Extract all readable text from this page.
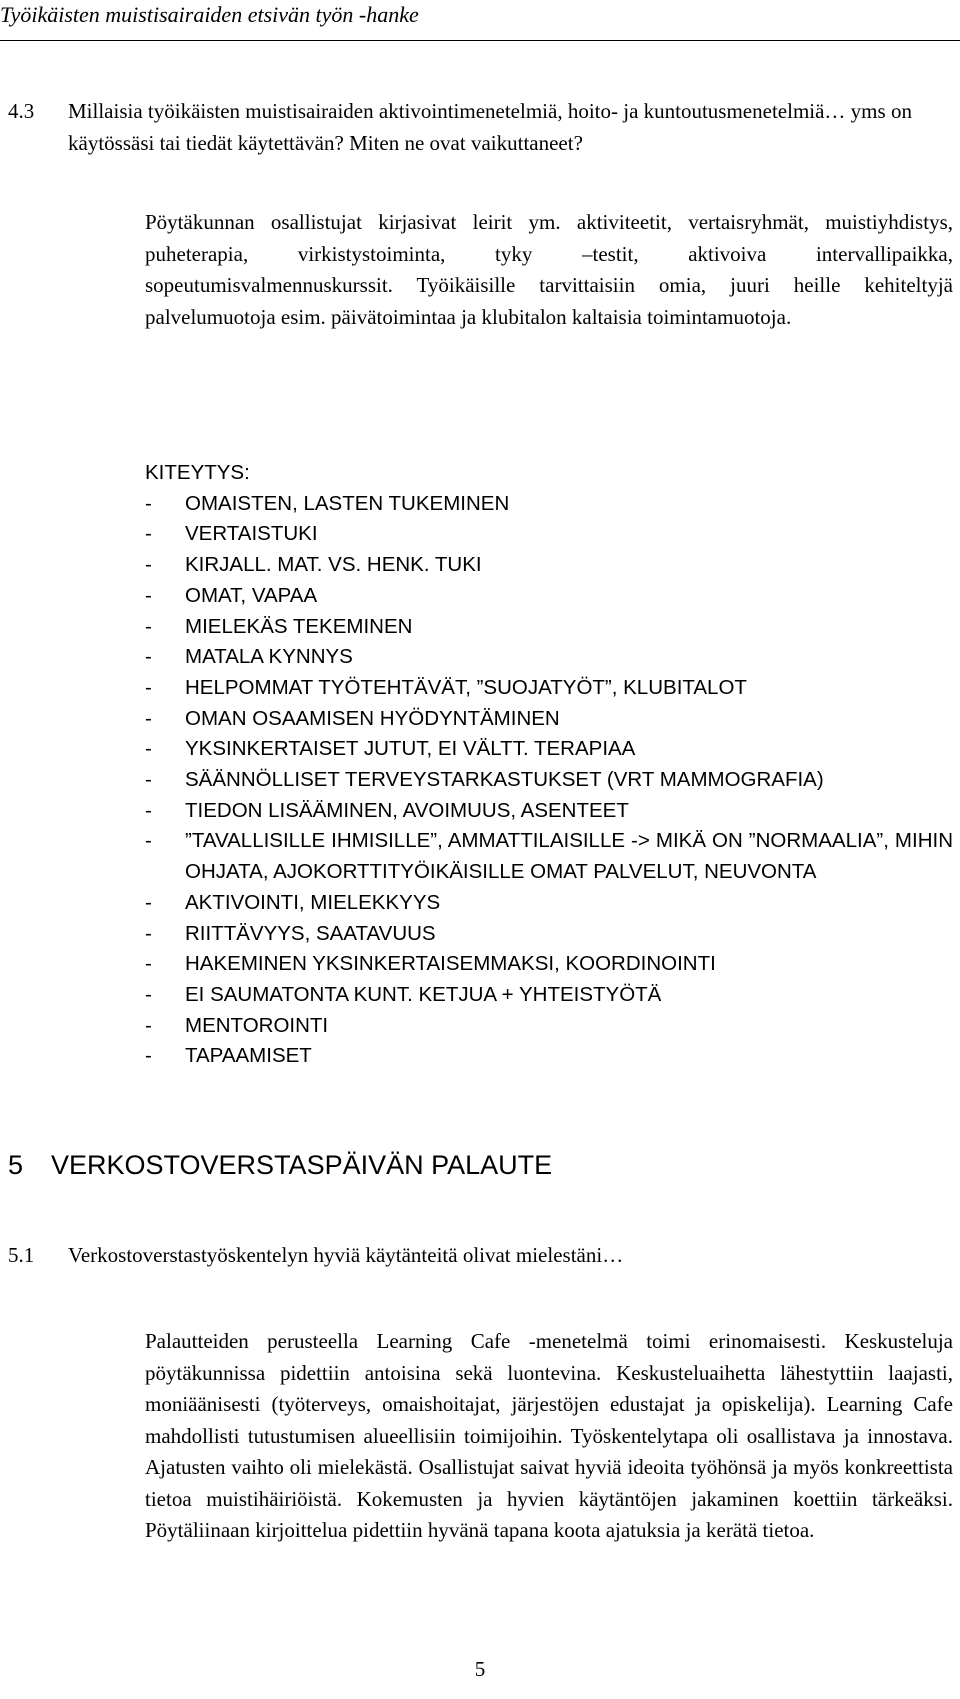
Työikäisten muistisairaiden etsivän työn -hanke
4.3 Millaisia työikäisten muistisairaiden aktivointimenetelmiä, hoito- ja kuntoutusmenetelmiä… yms on käytössäsi tai tiedät käytettävän? Miten ne ovat vaikuttaneet?

Pöytäkunnan osallistujat kirjasivat leirit ym. aktiviteetit, vertaisryhmät, muistiyhdistys, puheterapia, virkistystoiminta, tyky –testit, aktivoiva intervallipaikka, sopeutumisvalmennuskurssit. Työikäisille tarvittaisiin omia, juuri heille kehiteltyjä palvelumuotoja esim. päivätoimintaa ja klubitalon kaltaisia toimintamuotoja.

KITEYTYS:
- OMAISTEN, LASTEN TUKEMINEN
- VERTAISTUKI
- KIRJALL. MAT. VS. HENK. TUKI
- OMAT, VAPAA
- MIELEKÄS TEKEMINEN
- MATALA KYNNYS
- HELPOMMAT TYÖTEHTÄVÄT, ”SUOJATYÖT”, KLUBITALOT
- OMAN OSAAMISEN HYÖDYNTÄMINEN
- YKSINKERTAISET JUTUT, EI VÄLTT. TERAPIAA
- SÄÄNNÖLLISET TERVEYSTARKASTUKSET (VRT MAMMOGRAFIA)
- TIEDON LISÄÄMINEN, AVOIMUUS, ASENTEET
- ”TAVALLISILLE IHMISILLE”, AMMATTILAISILLE -> MIKÄ ON ”NORMAALIA”, MIHIN OHJATA, AJOKORTTITYÖIKÄISILLE OMAT PALVELUT, NEUVONTA
- AKTIVOINTI, MIELEKKYYS
- RIITTÄVYYS, SAATAVUUS
- HAKEMINEN YKSINKERTAISEMMAKSI, KOORDINOINTI
- EI SAUMATONTA KUNT. KETJUA + YHTEISTYÖTÄ
- MENTOROINTI
- TAPAAMISET
5 VERKOSTOVERSTASPÄIVÄN PALAUTE
5.1 Verkostoverstastyöskentelyn hyviä käytänteitä olivat mielestäni…

Palautteiden perusteella Learning Cafe -menetelmä toimi erinomaisesti. Keskusteluja pöytäkunnissa pidettiin antoisina sekä luontevina. Keskusteluaihetta lähestyttiin laajasti, moniäänisesti (työterveys, omaishoitajat, järjestöjen edustajat ja opiskelija). Learning Cafe mahdollisti tutustumisen alueellisiin toimijoihin. Työskentelytapa oli osallistava ja innostava. Ajatusten vaihto oli mielekästä. Osallistujat saivat hyviä ideoita työhönsä ja myös konkreettista tietoa muistihäiriöistä. Kokemusten ja hyvien käytäntöjen jakaminen koettiin tärkeäksi. Pöytäliinaan kirjoittelua pidettiin hyvänä tapana koota ajatuksia ja kerätä tietoa.

5
